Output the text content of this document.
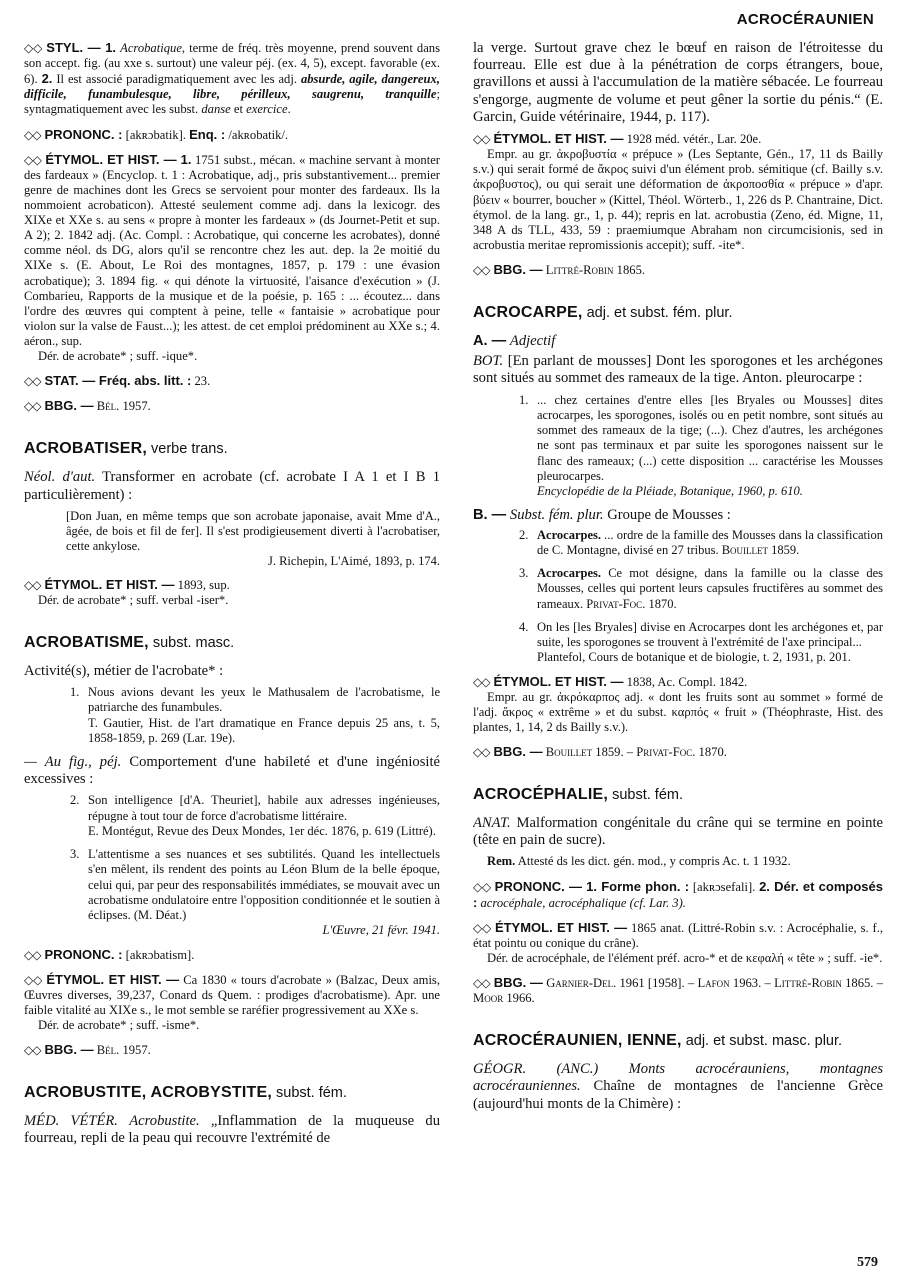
ACROCÉRAUNIEN
◇◇ STYL. — 1. Acrobatique, terme de fréq. très moyenne, prend souvent dans son accept. fig. (au xxe s. surtout) une valeur péj. (ex. 4, 5), except. favorable (ex. 6). 2. Il est associé paradigmatiquement avec les adj. absurde, agile, dangereux, difficile, funambulesque, libre, périlleux, saugrenu, tranquille; syntagmatiquement avec les subst. danse et exercice.
◇◇ PRONONC. : [akʀɔbatik]. Enq. : /akʀobatik/.
◇◇ ÉTYMOL. ET HIST. — 1. 1751 subst., mécan. « machine servant à monter des fardeaux » (Encyclop. t. 1 : Acrobatique, adj., pris substantivement... premier genre de machines dont les Grecs se servoient pour monter des fardeaux. Ils la nommoient acrobaticon). Attesté seulement comme adj. dans la lexicogr. des XIXe et XXe s. au sens « propre à monter les fardeaux » (ds Journet-Petit et sup. A 2); 2. 1842 adj. (Ac. Compl. : Acrobatique, qui concerne les acrobates), donné comme néol. ds DG, alors qu'il se rencontre chez les aut. dep. la 2e moitié du XIXe s. (E. About, Le Roi des montagnes, 1857, p. 179 : une évasion acrobatique); 3. 1894 fig. « qui dénote la virtuosité, l'aisance d'exécution » (J. Combarieu, Rapports de la musique et de la poésie, p. 165 : ... écoutez... dans l'ordre des œuvres qui comptent à peine, telle « fantaisie » acrobatique pour violon sur la valse de Faust...); les attest. de cet emploi prédominent au XXe s.; 4. aéron., sup.
Dér. de acrobate* ; suff. -ique*.
◇◇ STAT. — Fréq. abs. litt. : 23.
◇◇ BBG. — Bél. 1957.
ACROBATISER, verbe trans.
Néol. d'aut. Transformer en acrobate (cf. acrobate I A 1 et I B 1 particulièrement) :
[Don Juan, en même temps que son acrobate japonaise, avait Mme d'A., âgée, de bois et fil de fer]. Il s'est prodigieusement diverti à l'acrobatiser, cette ankylose.
J. Richepin, L'Aimé, 1893, p. 174.
◇◇ ÉTYMOL. ET HIST. — 1893, sup.
Dér. de acrobate* ; suff. verbal -iser*.
ACROBATISME, subst. masc.
Activité(s), métier de l'acrobate* :
1. Nous avions devant les yeux le Mathusalem de l'acrobatisme, le patriarche des funambules.
T. Gautier, Hist. de l'art dramatique en France depuis 25 ans, t. 5, 1858-1859, p. 269 (Lar. 19e).
— Au fig., péj. Comportement d'une habileté et d'une ingéniosité excessives :
2. Son intelligence [d'A. Theuriet], habile aux adresses ingénieuses, répugne à tout tour de force d'acrobatisme littéraire.
E. Montégut, Revue des Deux Mondes, 1er déc. 1876, p. 619 (Littré).
3. L'attentisme a ses nuances et ses subtilités. Quand les intellectuels s'en mêlent, ils rendent des points au Léon Blum de la belle époque, celui qui, par peur des responsabilités immédiates, se mouvait avec un acrobatisme ondulatoire entre l'opposition conditionnée et le soutien à éclipses. (M. Déat.)
L'Œuvre, 21 févr. 1941.
◇◇ PRONONC. : [akʀɔbatism].
◇◇ ÉTYMOL. ET HIST. — Ca 1830 « tours d'acrobate » (Balzac, Deux amis, Œuvres diverses, 39,237, Conard ds Quem. : prodiges d'acrobatisme). Apr. une faible vitalité au XIXe s., le mot semble se raréfier progressivement au XXe s.
Dér. de acrobate* ; suff. -isme*.
◇◇ BBG. — Bél. 1957.
ACROBUSTITE, ACROBYSTITE, subst. fém.
MÉD. VÉTÉR. Acrobustite. „Inflammation de la muqueuse du fourreau, repli de la peau qui recouvre l'extrémité de
la verge. Surtout grave chez le bœuf en raison de l'étroitesse du fourreau. Elle est due à la pénétration de corps étrangers, boue, gravillons et aussi à l'accumulation de la matière sébacée. Le fourreau s'engorge, augmente de volume et peut gêner la sortie du pénis.“ (E. Garcin, Guide vétérinaire, 1944, p. 117).
◇◇ ÉTYMOL. ET HIST. — 1928 méd. vétér., Lar. 20e.
Empr. au gr. ἀκροβυστία « prépuce » (Les Septante, Gén., 17, 11 ds Bailly s.v.) qui serait formé de ἄκρος suivi d'un élément prob. sémitique (cf. Bailly s.v. ἀκροβυστος), ou qui serait une déformation de ἀκροποσθία « prépuce » d'apr. βύειν « bourrer, boucher » (Kittel, Théol. Wörterb., 1, 226 ds P. Chantraine, Dict. étymol. de la lang. gr., 1, p. 44); repris en lat. acrobustia (Zeno, éd. Migne, 11, 348 A ds TLL, 433, 59 : praemiumque Abraham non circumcisionis, sed in acrobustia meritae repromissionis accepit); suff. -ite*.
◇◇ BBG. — Littré-Robin 1865.
ACROCARPE, adj. et subst. fém. plur.
A. — Adjectif
BOT. [En parlant de mousses] Dont les sporogones et les archégones sont situés au sommet des rameaux de la tige. Anton. pleurocarpe :
1. ... chez certaines d'entre elles [les Bryales ou Mousses] dites acrocarpes, les sporogones, isolés ou en petit nombre, sont situés au sommet des rameaux de la tige; (...). Chez d'autres, les archégones ne sont pas terminaux et par suite les sporogones naissent sur le flanc des rameaux; (...) cette disposition ... caractérise les Mousses pleurocarpes.
Encyclopédie de la Pléiade, Botanique, 1960, p. 610.
B. — Subst. fém. plur. Groupe de Mousses :
2. Acrocarpes. ... ordre de la famille des Mousses dans la classification de C. Montagne, divisé en 27 tribus. Bouillet 1859.
3. Acrocarpes. Ce mot désigne, dans la famille ou la classe des Mousses, celles qui portent leurs capsules fructifères au sommet des rameaux. Privat-Foc. 1870.
4. On les [les Bryales] divise en Acrocarpes dont les archégones et, par suite, les sporogones se trouvent à l'extrémité de l'axe principal...
Plantefol, Cours de botanique et de biologie, t. 2, 1931, p. 201.
◇◇ ÉTYMOL. ET HIST. — 1838, Ac. Compl. 1842.
Empr. au gr. ἀκρόκαρπος adj. « dont les fruits sont au sommet » formé de l'adj. ἄκρος « extrême » et du subst. καρπός « fruit » (Théophraste, Hist. des plantes, 1, 14, 2 ds Bailly s.v.).
◇◇ BBG. — Bouillet 1859. – Privat-Foc. 1870.
ACROCÉPHALIE, subst. fém.
ANAT. Malformation congénitale du crâne qui se termine en pointe (tête en pain de sucre).
Rem. Attesté ds les dict. gén. mod., y compris Ac. t. 1 1932.
◇◇ PRONONC. — 1. Forme phon. : [akʀɔsefali]. 2. Dér. et composés : acrocéphale, acrocéphalique (cf. Lar. 3).
◇◇ ÉTYMOL. ET HIST. — 1865 anat. (Littré-Robin s.v. : Acrocéphalie, s. f., état pointu ou conique du crâne).
Dér. de acrocéphale, de l'élément préf. acro-* et de κεφαλή « tête » ; suff. -ie*.
◇◇ BBG. — Garnier-Del. 1961 [1958]. – Lafon 1963. – Littré-Robin 1865. – Moor 1966.
ACROCÉRAUNIEN, IENNE, adj. et subst. masc. plur.
GÉOGR. (ANC.) Monts acrocérauniens, montagnes acrocérauniennes. Chaîne de montagnes de l'ancienne Grèce (aujourd'hui monts de la Chimère) :
579
